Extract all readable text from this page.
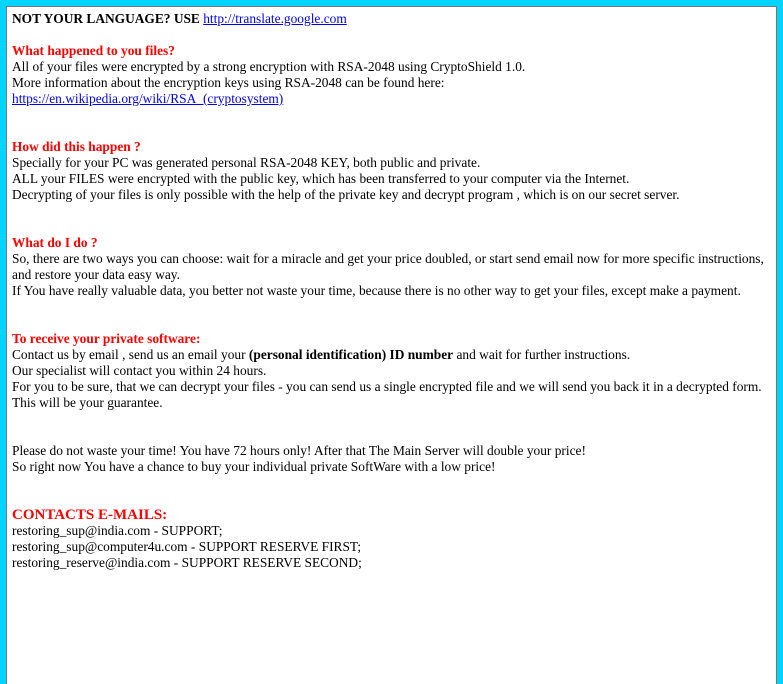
NOT YOUR LANGUAGE? USE http://translate.google.com
What happened to you files?

All of your files were encrypted by a strong encryption with RSA-2048 using CryptoShield 1.0.

More information about the encryption keys using RSA-2048 can be found here:

https://en.wikipedia.org/wiki/RSA_(cryptosystem)

How did this happen ?

Specially for your PC was generated personal RSA-2048 KEY, both public and private.

ALL your FILES were encrypted with the public key, which has been transferred to your computer via the Internet.

Decrypting of your files is only possible with the help of the private key and decrypt program , which is on our secret server.

What do I do ?

So, there are two ways you can choose: wait for a miracle and get your price doubled, or start send email now for more specific instructions, and restore your data easy way.

If You have really valuable data, you better not waste your time, because there is no other way to get your files, except make a payment.

To receive your private software:

Contact us by email , send us an email your (personal identification) ID number and wait for further instructions.

Our specialist will contact you within 24 hours.

For you to be sure, that we can decrypt your files - you can send us a single encrypted file and we will send you back it in a decrypted form. This will be your guarantee.

Please do not waste your time! You have 72 hours only! After that The Main Server will double your price!

So right now You have a chance to buy your individual private SoftWare with a low price!

CONTACTS E-MAILS:

restoring_sup@india.com - SUPPORT;

restoring_sup@computer4u.com - SUPPORT RESERVE FIRST;

restoring_reserve@india.com - SUPPORT RESERVE SECOND;
